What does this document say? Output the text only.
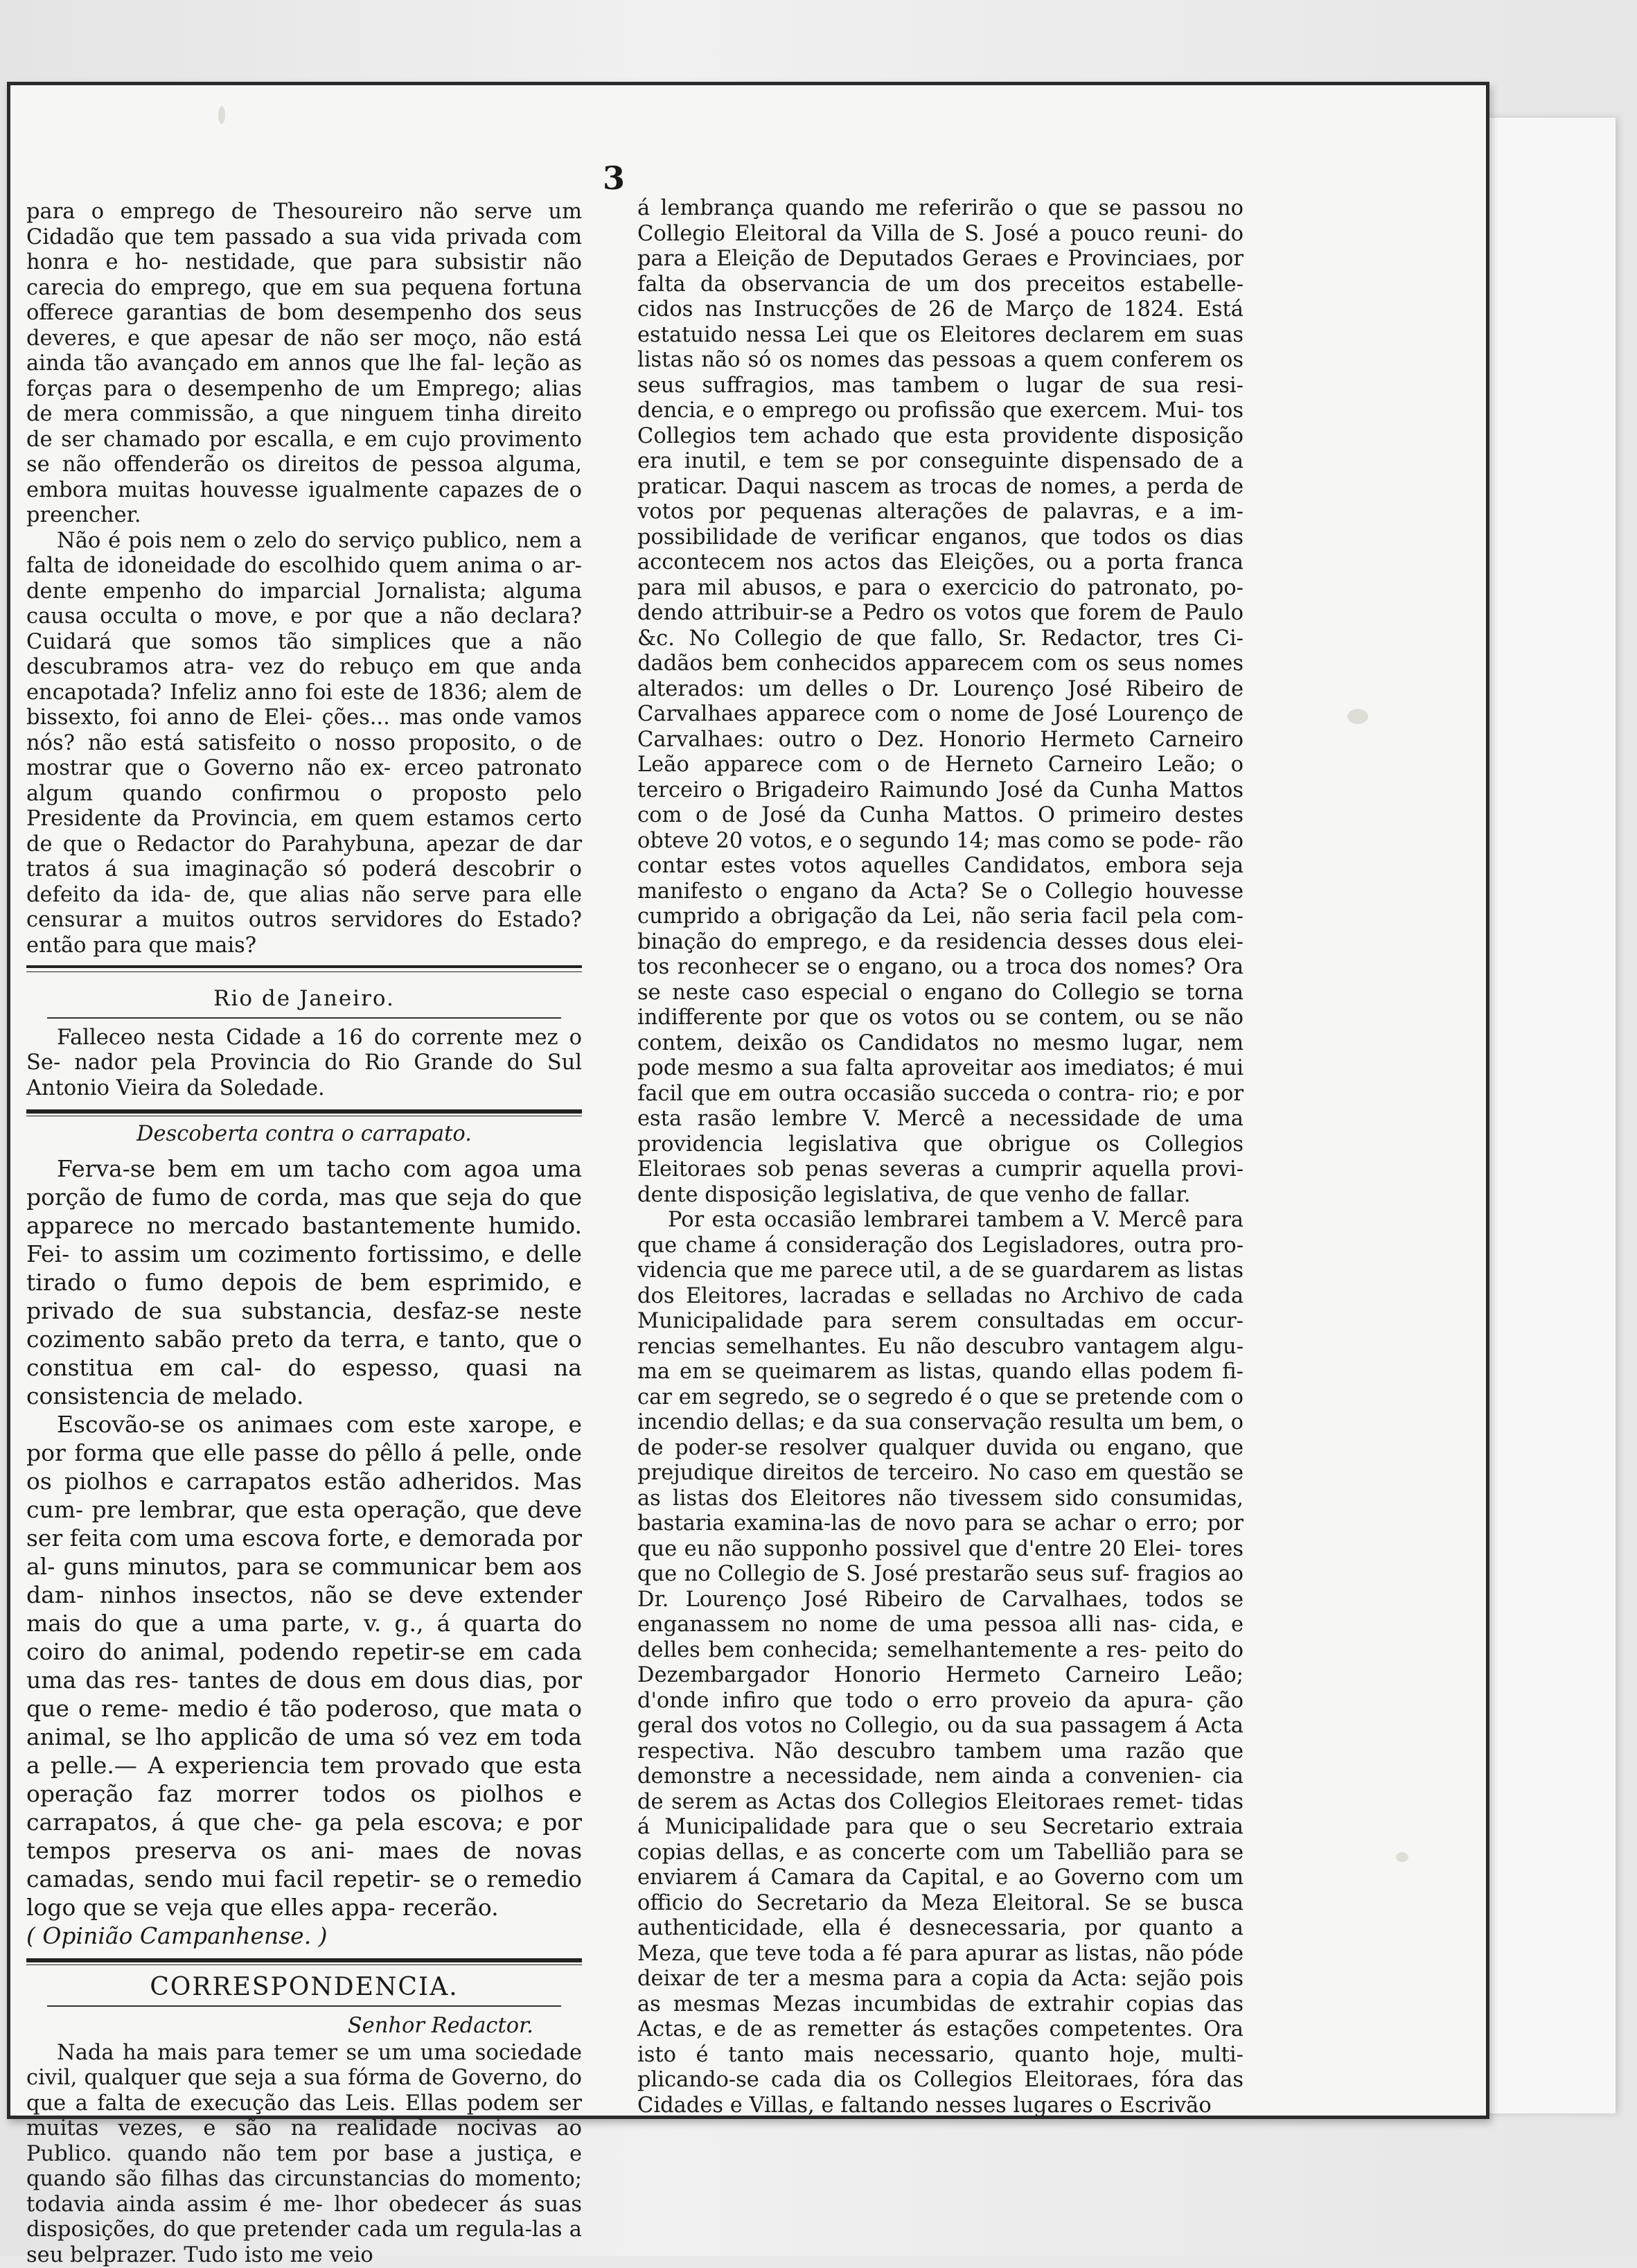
3

para o emprego de Thesoureiro não serve um Cidadão que tem passado a sua vida privada com honra e ho- nestidade, que para subsistir não carecia do emprego, que em sua pequena fortuna offerece garantias de bom desempenho dos seus deveres, e que apesar de não ser moço, não está ainda tão avançado em annos que lhe fal- leção as forças para o desempenho de um Emprego; alias de mera commissão, a que ninguem tinha direito de ser chamado por escalla, e em cujo provimento se não offenderão os direitos de pessoa alguma, embora muitas houvesse igualmente capazes de o preencher.

Não é pois nem o zelo do serviço publico, nem a falta de idoneidade do escolhido quem anima o ar- dente empenho do imparcial Jornalista; alguma causa occulta o move, e por que a não declara? Cuidará que somos tão simplices que a não descubramos atra- vez do rebuço em que anda encapotada? Infeliz anno foi este de 1836; alem de bissexto, foi anno de Elei- ções... mas onde vamos nós? não está satisfeito o nosso proposito, o de mostrar que o Governo não ex- erceo patronato algum quando confirmou o proposto pelo Presidente da Provincia, em quem estamos certo de que o Redactor do Parahybuna, apezar de dar tratos á sua imaginação só poderá descobrir o defeito da ida- de, que alias não serve para elle censurar a muitos outros servidores do Estado? então para que mais?

Rio de Janeiro.

Falleceo nesta Cidade a 16 do corrente mez o Se- nador pela Provincia do Rio Grande do Sul Antonio Vieira da Soledade.

Descoberta contra o carrapato.

Ferva-se bem em um tacho com agoa uma porção de fumo de corda, mas que seja do que apparece no mercado bastantemente humido. Fei- to assim um cozimento fortissimo, e delle tirado o fumo depois de bem esprimido, e privado de sua substancia, desfaz-se neste cozimento sabão preto da terra, e tanto, que o constitua em cal- do espesso, quasi na consistencia de melado.

Escovão-se os animaes com este xarope, e por forma que elle passe do pêllo á pelle, onde os piolhos e carrapatos estão adheridos. Mas cum- pre lembrar, que esta operação, que deve ser feita com uma escova forte, e demorada por al- guns minutos, para se communicar bem aos dam- ninhos insectos, não se deve extender mais do que a uma parte, v. g., á quarta do coiro do animal, podendo repetir-se em cada uma das res- tantes de dous em dous dias, por que o reme- medio é tão poderoso, que mata o animal, se lho applicão de uma só vez em toda a pelle.— A experiencia tem provado que esta operação faz morrer todos os piolhos e carrapatos, á que che- ga pela escova; e por tempos preserva os ani- maes de novas camadas, sendo mui facil repetir- se o remedio logo que se veja que elles appa- recerão.

( Opinião Campanhense. )

CORRESPONDENCIA.
Senhor Redactor.

Nada ha mais para temer se um uma sociedade civil, qualquer que seja a sua fórma de Governo, do que a falta de execução das Leis. Ellas podem ser muitas vezes, e são na realidade nocivas ao Publico. quando não tem por base a justiça, e quando são filhas das circunstancias do momento; todavia ainda assim é me- lhor obedecer ás suas disposições, do que pretender cada um regula-las a seu belprazer. Tudo isto me veio

á lembrança quando me referirão o que se passou no Collegio Eleitoral da Villa de S. José a pouco reuni- do para a Eleição de Deputados Geraes e Provinciaes, por falta da observancia de um dos preceitos estabelle- cidos nas Instrucções de 26 de Março de 1824. Está estatuido nessa Lei que os Eleitores declarem em suas listas não só os nomes das pessoas a quem conferem os seus suffragios, mas tambem o lugar de sua resi- dencia, e o emprego ou profissão que exercem. Mui- tos Collegios tem achado que esta providente disposição era inutil, e tem se por conseguinte dispensado de a praticar. Daqui nascem as trocas de nomes, a perda de votos por pequenas alterações de palavras, e a im- possibilidade de verificar enganos, que todos os dias accontecem nos actos das Eleições, ou a porta franca para mil abusos, e para o exercicio do patronato, po- dendo attribuir-se a Pedro os votos que forem de Paulo &c. No Collegio de que fallo, Sr. Redactor, tres Ci- dadãos bem conhecidos apparecem com os seus nomes alterados: um delles o Dr. Lourenço José Ribeiro de Carvalhaes apparece com o nome de José Lourenço de Carvalhaes: outro o Dez. Honorio Hermeto Carneiro Leão apparece com o de Herneto Carneiro Leão; o terceiro o Brigadeiro Raimundo José da Cunha Mattos com o de José da Cunha Mattos. O primeiro destes obteve 20 votos, e o segundo 14; mas como se pode- rão contar estes votos aquelles Candidatos, embora seja manifesto o engano da Acta? Se o Collegio houvesse cumprido a obrigação da Lei, não seria facil pela com- binação do emprego, e da residencia desses dous elei- tos reconhecer se o engano, ou a troca dos nomes? Ora se neste caso especial o engano do Collegio se torna indifferente por que os votos ou se contem, ou se não contem, deixão os Candidatos no mesmo lugar, nem pode mesmo a sua falta aproveitar aos imediatos; é mui facil que em outra occasião succeda o contra- rio; e por esta rasão lembre V. Mercê a necessidade de uma providencia legislativa que obrigue os Collegios Eleitoraes sob penas severas a cumprir aquella provi- dente disposição legislativa, de que venho de fallar.

Por esta occasião lembrarei tambem a V. Mercê para que chame á consideração dos Legisladores, outra pro- videncia que me parece util, a de se guardarem as listas dos Eleitores, lacradas e selladas no Archivo de cada Municipalidade para serem consultadas em occur- rencias semelhantes. Eu não descubro vantagem algu- ma em se queimarem as listas, quando ellas podem fi- car em segredo, se o segredo é o que se pretende com o incendio dellas; e da sua conservação resulta um bem, o de poder-se resolver qualquer duvida ou engano, que prejudique direitos de terceiro. No caso em questão se as listas dos Eleitores não tivessem sido consumidas, bastaria examina-las de novo para se achar o erro; por que eu não supponho possivel que d'entre 20 Elei- tores que no Collegio de S. José prestarão seus suf- fragios ao Dr. Lourenço José Ribeiro de Carvalhaes, todos se enganassem no nome de uma pessoa alli nas- cida, e delles bem conhecida; semelhantemente a res- peito do Dezembargador Honorio Hermeto Carneiro Leão; d'onde infiro que todo o erro proveio da apura- ção geral dos votos no Collegio, ou da sua passagem á Acta respectiva. Não descubro tambem uma razão que demonstre a necessidade, nem ainda a convenien- cia de serem as Actas dos Collegios Eleitoraes remet- tidas á Municipalidade para que o seu Secretario extraia copias dellas, e as concerte com um Tabellião para se enviarem á Camara da Capital, e ao Governo com um officio do Secretario da Meza Eleitoral. Se se busca authenticidade, ella é desnecessaria, por quanto a Meza, que teve toda a fé para apurar as listas, não póde deixar de ter a mesma para a copia da Acta: sejão pois as mesmas Mezas incumbidas de extrahir copias das Actas, e de as remetter ás estações competentes. Ora isto é tanto mais necessario, quanto hoje, multi- plicando-se cada dia os Collegios Eleitoraes, fóra das Cidades e Villas, e faltando nesses lugares o Escrivão
